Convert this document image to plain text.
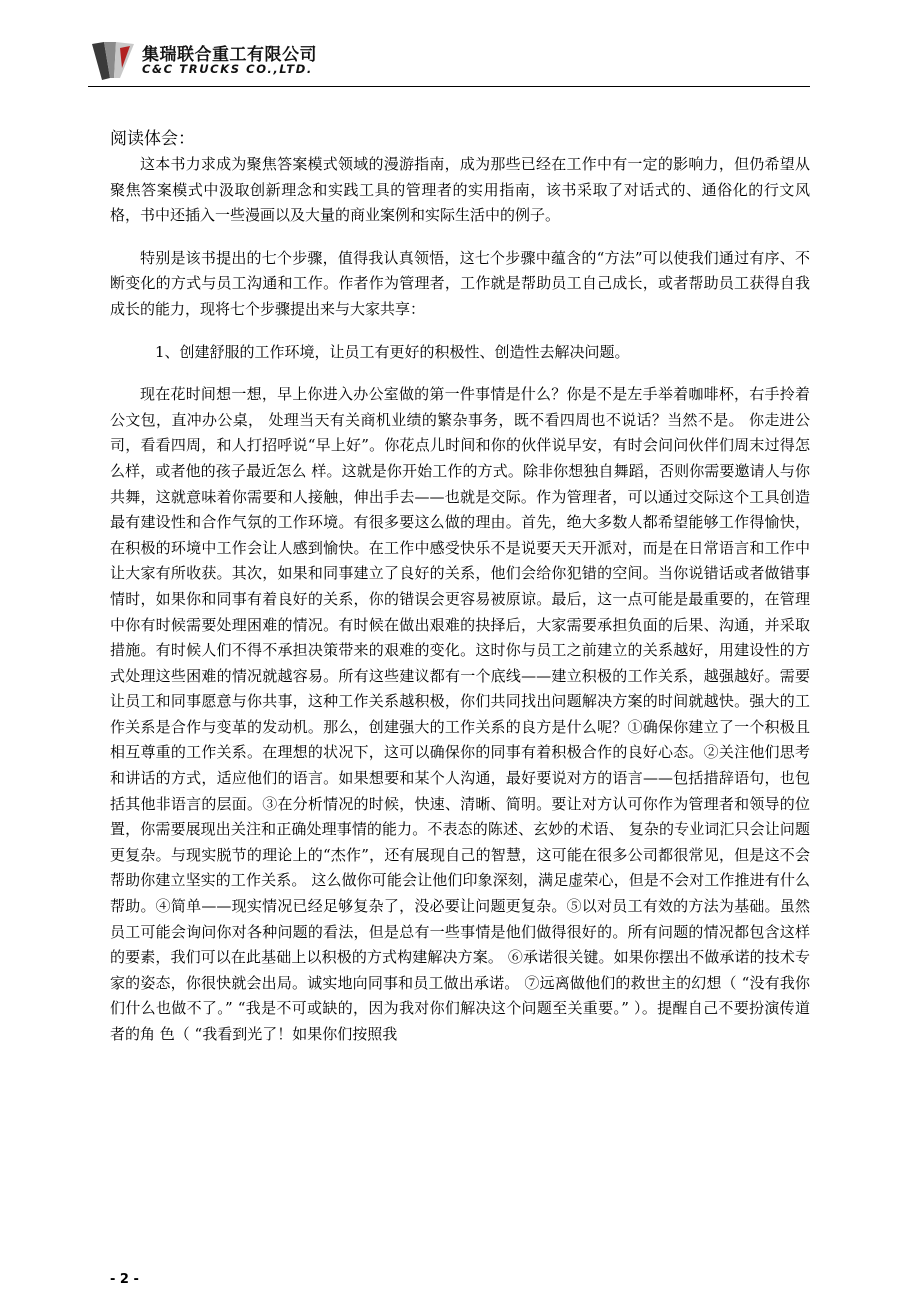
集瑞联合重工有限公司
C&C TRUCKS CO.,LTD.
阅读体会：

这本书力求成为聚焦答案模式领域的漫游指南，成为那些已经在工作中有一定的影响力，但仍希望从聚焦答案模式中汲取创新理念和实践工具的管理者的实用指南，该书采取了对话式的、通俗化的行文风格，书中还插入一些漫画以及大量的商业案例和实际生活中的例子。

特别是该书提出的七个步骤，值得我认真领悟，这七个步骤中蕴含的“方法”可以使我们通过有序、不断变化的方式与员工沟通和工作。作者作为管理者，工作就是帮助员工自己成长，或者帮助员工获得自我成长的能力，现将七个步骤提出来与大家共享：

1、创建舒服的工作环境，让员工有更好的积极性、创造性去解决问题。

现在花时间想一想，早上你进入办公室做的第一件事情是什么？你是不是左手举着咖啡杯，右手拎着公文包，直冲办公桌， 处理当天有关商机业绩的繁杂事务，既不看四周也不说话？当然不是。 你走进公司，看看四周，和人打招呼说“早上好”。你花点儿时间和你的伙伴说早安，有时会问问伙伴们周末过得怎么样，或者他的孩子最近怎么 样。这就是你开始工作的方式。除非你想独自舞蹈，否则你需要邀请人与你共舞，这就意味着你需要和人接触，伸出手去——也就是交际。作为管理者，可以通过交际这个工具创造最有建设性和合作气氛的工作环境。有很多要这么做的理由。首先，绝大多数人都希望能够工作得愉快，在积极的环境中工作会让人感到愉快。在工作中感受快乐不是说要天天开派对，而是在日常语言和工作中让大家有所收获。其次，如果和同事建立了良好的关系，他们会给你犯错的空间。当你说错话或者做错事情时，如果你和同事有着良好的关系，你的错误会更容易被原谅。最后，这一点可能是最重要的，在管理中你有时候需要处理困难的情况。有时候在做出艰难的抉择后，大家需要承担负面的后果、沟通，并采取措施。有时候人们不得不承担决策带来的艰难的变化。这时你与员工之前建立的关系越好，用建设性的方式处理这些困难的情况就越容易。所有这些建议都有一个底线——建立积极的工作关系，越强越好。需要让员工和同事愿意与你共事，这种工作关系越积极，你们共同找出问题解决方案的时间就越快。强大的工作关系是合作与变革的发动机。那么，创建强大的工作关系的良方是什么呢？①确保你建立了一个积极且相互尊重的工作关系。在理想的状况下，这可以确保你的同事有着积极合作的良好心态。②关注他们思考和讲话的方式，适应他们的语言。如果想要和某个人沟通，最好要说对方的语言——包括措辞语句，也包括其他非语言的层面。③在分析情况的时候，快速、清晰、简明。要让对方认可你作为管理者和领导的位置，你需要展现出关注和正确处理事情的能力。不表态的陈述、玄妙的术语、 复杂的专业词汇只会让问题更复杂。与现实脱节的理论上的“杰作”，还有展现自己的智慧，这可能在很多公司都很常见，但是这不会帮助你建立坚实的工作关系。 这么做你可能会让他们印象深刻，满足虚荣心，但是不会对工作推进有什么帮助。④简单——现实情况已经足够复杂了，没必要让问题更复杂。⑤以对员工有效的方法为基础。虽然员工可能会询问你对各种问题的看法，但是总有一些事情是他们做得很好的。所有问题的情况都包含这样的要素，我们可以在此基础上以积极的方式构建解决方案。 ⑥承诺很关键。如果你摆出不做承诺的技术专家的姿态，你很快就会出局。诚实地向同事和员工做出承诺。 ⑦远离做他们的救世主的幻想（ “没有我你们什么也做不了。” “我是不可或缺的，因为我对你们解决这个问题至关重要。” ）。提醒自己不要扮演传道者的角 色（ “我看到光了！如果你们按照我

- 2 -
